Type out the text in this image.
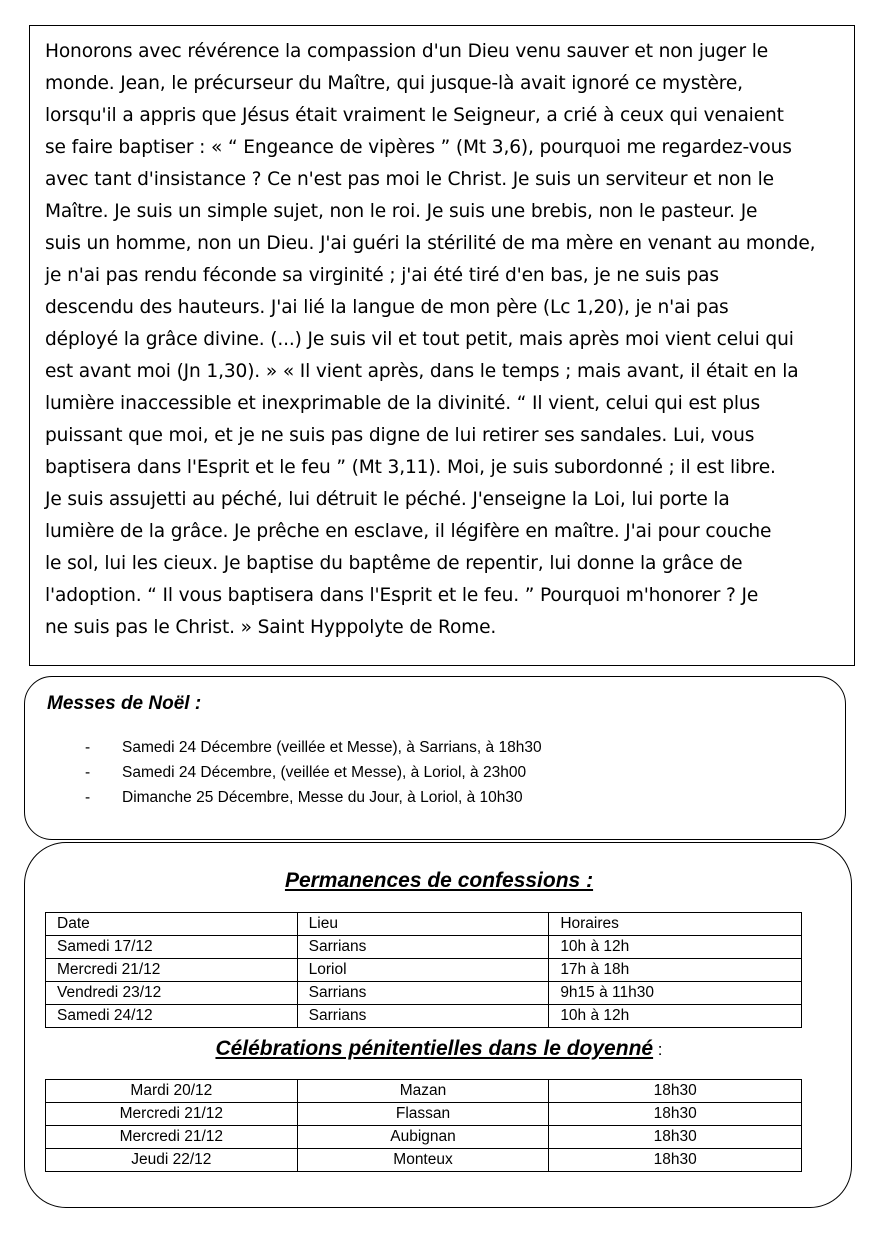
Honorons avec révérence la compassion d'un Dieu venu sauver et non juger le
monde. Jean, le précurseur du Maître, qui jusque-là avait ignoré ce mystère,
lorsqu'il a appris que Jésus était vraiment le Seigneur, a crié à ceux qui venaient
se faire baptiser : « “ Engeance de vipères ” (Mt 3,6), pourquoi me regardez-vous
avec tant d'insistance ? Ce n'est pas moi le Christ. Je suis un serviteur et non le
Maître. Je suis un simple sujet, non le roi. Je suis une brebis, non le pasteur. Je
suis un homme, non un Dieu. J'ai guéri la stérilité de ma mère en venant au monde,
je n'ai pas rendu féconde sa virginité ; j'ai été tiré d'en bas, je ne suis pas
descendu des hauteurs. J'ai lié la langue de mon père (Lc 1,20), je n'ai pas
déployé la grâce divine. (...) Je suis vil et tout petit, mais après moi vient celui qui
est avant moi (Jn 1,30). » « Il vient après, dans le temps ; mais avant, il était en la
lumière inaccessible et inexprimable de la divinité. “ Il vient, celui qui est plus
puissant que moi, et je ne suis pas digne de lui retirer ses sandales. Lui, vous
baptisera dans l'Esprit et le feu ” (Mt 3,11). Moi, je suis subordonné ; il est libre.
Je suis assujetti au péché, lui détruit le péché. J'enseigne la Loi, lui porte la
lumière de la grâce. Je prêche en esclave, il légifère en maître. J'ai pour couche
le sol, lui les cieux. Je baptise du baptême de repentir, lui donne la grâce de
l'adoption. “ Il vous baptisera dans l'Esprit et le feu. ” Pourquoi m'honorer ? Je
ne suis pas le Christ. » Saint Hyppolyte de Rome.

Messes de Noël :
- Samedi 24 Décembre (veillée et Messe), à Sarrians, à 18h30
- Samedi 24 Décembre, (veillée et Messe), à Loriol, à 23h00
- Dimanche 25 Décembre, Messe du Jour, à Loriol, à 10h30
Permanences de confessions :
Date	Lieu	Horaires
Samedi 17/12	Sarrians	10h à 12h
Mercredi 21/12	Loriol	17h à 18h
Vendredi 23/12	Sarrians	9h15 à 11h30
Samedi 24/12	Sarrians	10h à 12h
Célébrations pénitentielles dans le doyenné :
Mardi 20/12	Mazan	18h30
Mercredi 21/12	Flassan	18h30
Mercredi 21/12	Aubignan	18h30
Jeudi 22/12	Monteux	18h30
